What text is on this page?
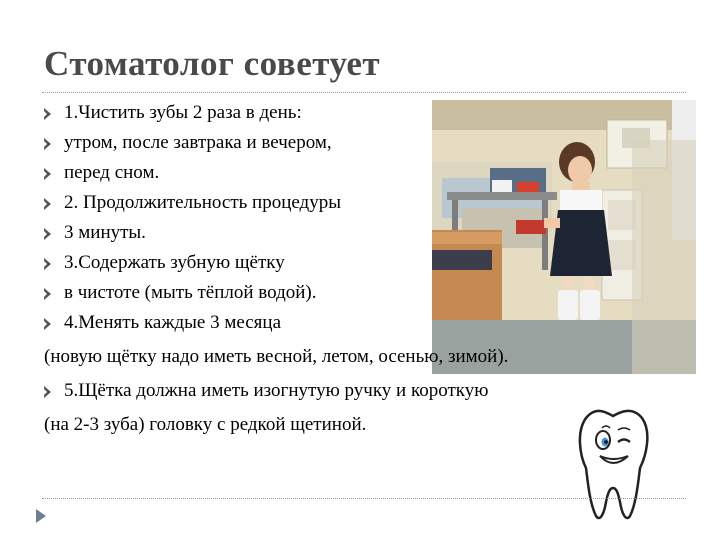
Стоматолог советует
1.Чистить зубы 2 раза в день:
утром, после завтрака и вечером,
перед сном.
2. Продолжительность процедуры
3 минуты.
3.Содержать зубную щётку
в чистоте (мыть тёплой водой).
4.Менять каждые 3 месяца
(новую щётку надо иметь весной, летом, осенью, зимой).
5.Щётка должна иметь изогнутую ручку и короткую
(на 2-3 зуба) головку с редкой щетиной.
